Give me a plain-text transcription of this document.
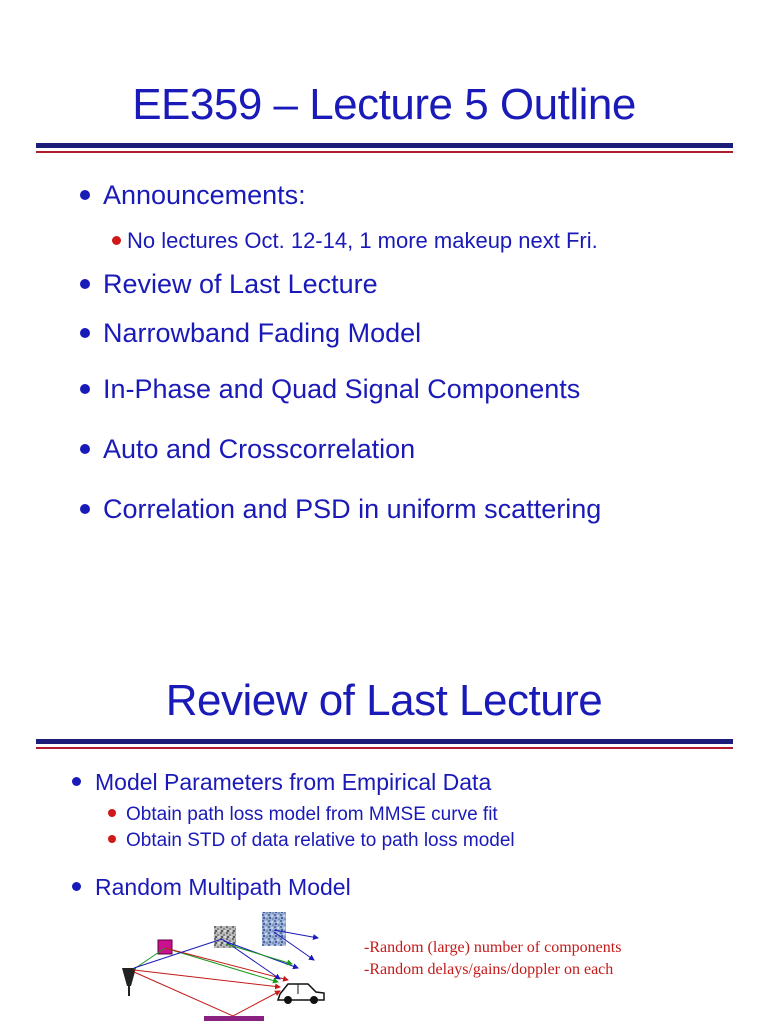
EE359 – Lecture 5 Outline
Announcements:
No lectures Oct. 12-14, 1 more makeup next Fri.
Review of Last Lecture
Narrowband Fading Model
In-Phase and Quad Signal Components
Auto and Crosscorrelation
Correlation and PSD in uniform scattering
Review of Last Lecture
Model Parameters from Empirical Data
Obtain path loss model from MMSE curve fit
Obtain STD of data relative to path loss model
Random Multipath Model
-Random (large) number of components
-Random delays/gains/doppler on each
